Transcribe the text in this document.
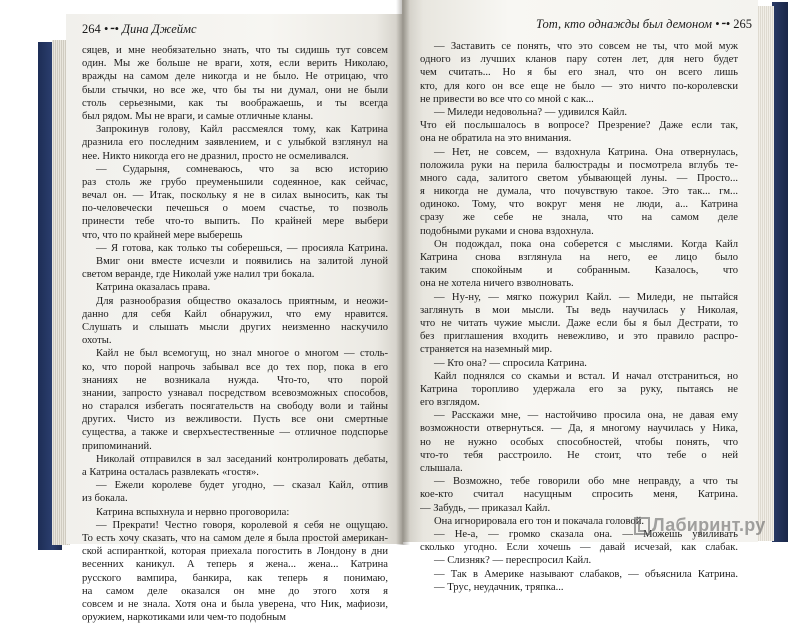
264 •⁃• Дина Джеймс	Тот, кто однажды был демоном •⁃• 265
сяцев, и мне необязательно знать, что ты сидишь тут совсем
один. Мы же больше не враги, хотя, если верить Николаю,
вражды на самом деле никогда и не было. Не отрицаю, что
были стычки, но все же, что бы ты ни думал, они не были
столь серьезными, как ты воображаешь, и ты всегда
был рядом. Мы не враги, и самые отличные кланы.
Запрокинув голову, Кайл рассмеялся тому, как Катрина
дразнила его последним заявлением, и с улыбкой взглянул на
нее. Никто никогда его не дразнил, просто не осмеливался.
— Сударыня, сомневаюсь, что за всю историю
раз столь же грубо преуменьшили содеянное, как сейчас,
вечал он. — Итак, поскольку я не в силах выносить, как ты
по-человечески печешься о моем счастье, то позволь
принести тебе что-то выпить. По крайней мере выбери
что, что по крайней мере выберешь
— Я готова, как только ты соберешься, — просияла Катрина.
Вмиг они вместе исчезли и появились на залитой луной
светом веранде, где Николай уже налил три бокала.
Катрина оказалась права.
Для разнообразия общество оказалось приятным, и неожи-
данно для себя Кайл обнаружил, что ему нравится.
Слушать и слышать мысли других неизменно наскучило
охоты.
Кайл не был всемогущ, но знал многое о многом — столь-
ко, что порой напрочь забывал все до тех пор, пока в его
знаниях не возникала нужда. Что-то, что порой
знании, запросто узнавал посредством всевозможных способов,
но старался избегать посягательств на свободу воли и тайны
других. Чисто из вежливости. Пусть все они смертные
существа, а также и сверхъестественные — отличное подспорье
припоминаний.
Николай отправился в зал заседаний контролировать дебаты,
а Катрина осталась развлекать «гостя».
— Ежели королеве будет угодно, — сказал Кайл, отпив
из бокала.
Катрина вспыхнула и нервно проговорила:
— Прекрати! Честно говоря, королевой я себя не ощущаю.
То есть хочу сказать, что на самом деле я была простой американ-
ской аспиранткой, которая приехала погостить в Лондону в дни
весенних каникул. А теперь я жена... жена... Катрина
русского вампира, банкира, как теперь я понимаю,
на самом деле оказался он мне до этого хотя я
совсем и не знала. Хотя она и была уверена, что Ник, мафиози,
оружием, наркотиками или чем-то подобным
— Заставить се понять, что это совсем не ты, что мой муж
одного из лучших кланов пару сотен лет, для него будет
чем считать... Но я бы его знал, что он всего лишь
кто, для кого он все еще не было — это ничто по-королевски
не привести во все что со мной с как...
— Миледи недовольна? — удивился Кайл.
Что ей послышалось в вопросе? Презрение? Даже если так,
она не обратила на это внимания.
— Нет, не совсем, — вздохнула Катрина. Она отвернулась,
положила руки на перила балюстрады и посмотрела вглубь те-
много сада, залитого светом убывающей луны. — Просто...
я никогда не думала, что почувствую такое. Это так... гм...
одиноко. Тому, что вокруг меня не люди, а... Катрина
сразу же себе не знала, что на самом деле
подобными руками и снова вздохнула.
Он подождал, пока она соберется с мыслями. Когда Кайл
Катрина снова взглянула на него, ее лицо было
таким спокойным и собранным. Казалось, что
она не хотела ничего взволновать.
— Ну-ну, — мягко пожурил Кайл. — Миледи, не пытайся
заглянуть в мои мысли. Ты ведь научилась у Николая,
что не читать чужие мысли. Даже если бы я был Дестрати, то
без приглашения входить невежливо, и это правило распро-
страняется на наземный мир.
— Кто она? — спросила Катрина.
Кайл поднялся со скамьи и встал. И начал отстраниться, но
Катрина торопливо удержала его за руку, пытаясь не
его взглядом.
— Расскажи мне, — настойчиво просила она, не давая ему
возможности отвернуться. — Да, я многому научилась у Ника,
но не нужно особых способностей, чтобы понять, что
что-то тебя расстроило. Не стоит, что тебе о ней
слышала.
— Возможно, тебе говорили обо мне неправду, а что ты
кое-кто считал насущным спросить меня, Катрина.
— Забудь, — приказал Кайл.
Она игнорировала его тон и покачала головой.
— Не-а, — громко сказала она. — Можешь увиливать
сколько угодно. Если хочешь — давай исчезай, как слабак.
— Слизняк? — переспросил Кайл.
— Так в Америке называют слабаков, — объяснила Катрина.
— Трус, неудачник, тряпка...
Лабиринт.ру
